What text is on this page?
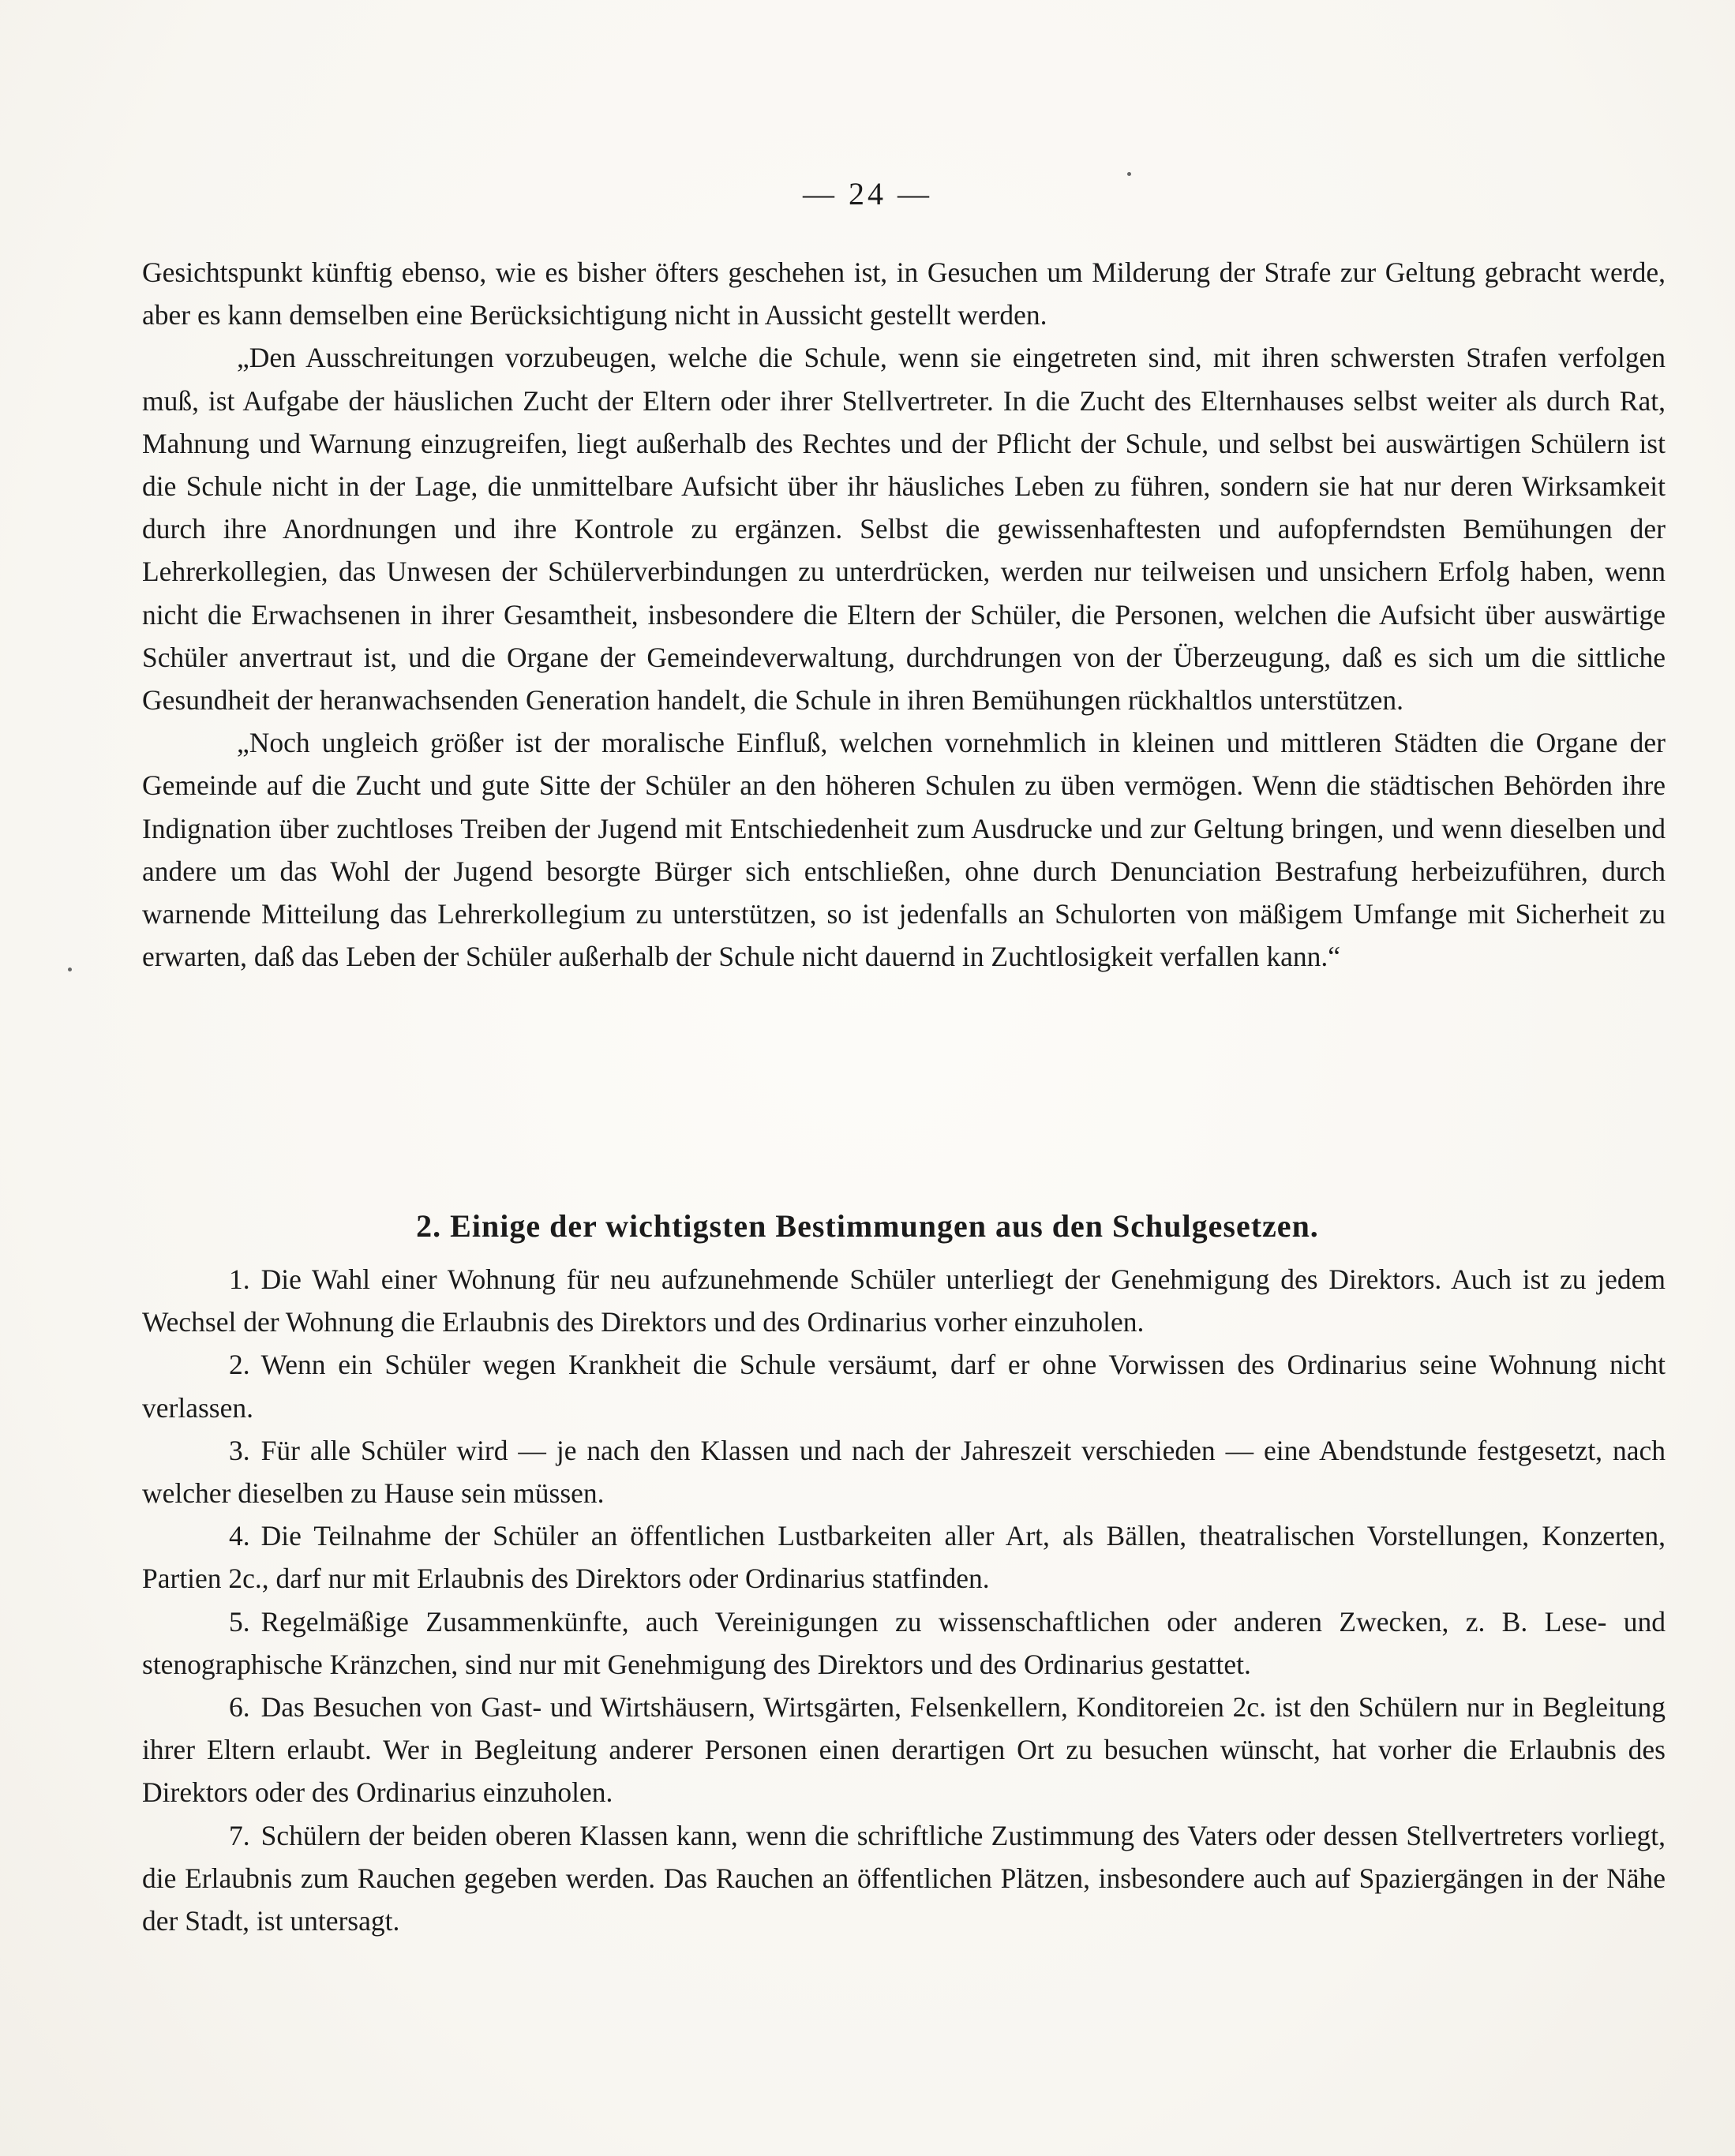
— 24 —

Gesichtspunkt künftig ebenso, wie es bisher öfters geschehen ist, in Gesuchen um Milderung der Strafe zur Geltung gebracht werde, aber es kann demselben eine Berücksichtigung nicht in Aussicht gestellt werden.

„Den Ausschreitungen vorzubeugen, welche die Schule, wenn sie eingetreten sind, mit ihren schwersten Strafen verfolgen muß, ist Aufgabe der häuslichen Zucht der Eltern oder ihrer Stellvertreter. In die Zucht des Elternhauses selbst weiter als durch Rat, Mahnung und Warnung einzugreifen, liegt außerhalb des Rechtes und der Pflicht der Schule, und selbst bei auswärtigen Schülern ist die Schule nicht in der Lage, die unmittelbare Aufsicht über ihr häusliches Leben zu führen, sondern sie hat nur deren Wirksamkeit durch ihre Anordnungen und ihre Kontrole zu ergänzen. Selbst die gewissenhaftesten und aufopferndsten Bemühungen der Lehrerkollegien, das Unwesen der Schülerverbindungen zu unterdrücken, werden nur teilweisen und unsichern Erfolg haben, wenn nicht die Erwachsenen in ihrer Gesamtheit, insbesondere die Eltern der Schüler, die Personen, welchen die Aufsicht über auswärtige Schüler anvertraut ist, und die Organe der Gemeindeverwaltung, durchdrungen von der Überzeugung, daß es sich um die sittliche Gesundheit der heranwachsenden Generation handelt, die Schule in ihren Bemühungen rückhaltlos unterstützen.

„Noch ungleich größer ist der moralische Einfluß, welchen vornehmlich in kleinen und mittleren Städten die Organe der Gemeinde auf die Zucht und gute Sitte der Schüler an den höheren Schulen zu üben vermögen. Wenn die städtischen Behörden ihre Indignation über zuchtloses Treiben der Jugend mit Entschiedenheit zum Ausdrucke und zur Geltung bringen, und wenn dieselben und andere um das Wohl der Jugend besorgte Bürger sich entschließen, ohne durch Denunciation Bestrafung herbeizuführen, durch warnende Mitteilung das Lehrerkollegium zu unterstützen, so ist jedenfalls an Schulorten von mäßigem Umfange mit Sicherheit zu erwarten, daß das Leben der Schüler außerhalb der Schule nicht dauernd in Zuchtlosigkeit verfallen kann.“

2. Einige der wichtigsten Bestimmungen aus den Schulgesetzen.

1. Die Wahl einer Wohnung für neu aufzunehmende Schüler unterliegt der Genehmigung des Direktors. Auch ist zu jedem Wechsel der Wohnung die Erlaubnis des Direktors und des Ordinarius vorher einzuholen.

2. Wenn ein Schüler wegen Krankheit die Schule versäumt, darf er ohne Vorwissen des Ordinarius seine Wohnung nicht verlassen.

3. Für alle Schüler wird — je nach den Klassen und nach der Jahreszeit verschieden — eine Abendstunde festgesetzt, nach welcher dieselben zu Hause sein müssen.

4. Die Teilnahme der Schüler an öffentlichen Lustbarkeiten aller Art, als Bällen, theatralischen Vorstellungen, Konzerten, Partien 2c., darf nur mit Erlaubnis des Direktors oder Ordinarius statfinden.

5. Regelmäßige Zusammenkünfte, auch Vereinigungen zu wissenschaftlichen oder anderen Zwecken, z. B. Lese- und stenographische Kränzchen, sind nur mit Genehmigung des Direktors und des Ordinarius gestattet.

6. Das Besuchen von Gast- und Wirtshäusern, Wirtsgärten, Felsenkellern, Konditoreien 2c. ist den Schülern nur in Begleitung ihrer Eltern erlaubt. Wer in Begleitung anderer Personen einen derartigen Ort zu besuchen wünscht, hat vorher die Erlaubnis des Direktors oder des Ordinarius einzuholen.

7. Schülern der beiden oberen Klassen kann, wenn die schriftliche Zustimmung des Vaters oder dessen Stellvertreters vorliegt, die Erlaubnis zum Rauchen gegeben werden. Das Rauchen an öffentlichen Plätzen, insbesondere auch auf Spaziergängen in der Nähe der Stadt, ist untersagt.
